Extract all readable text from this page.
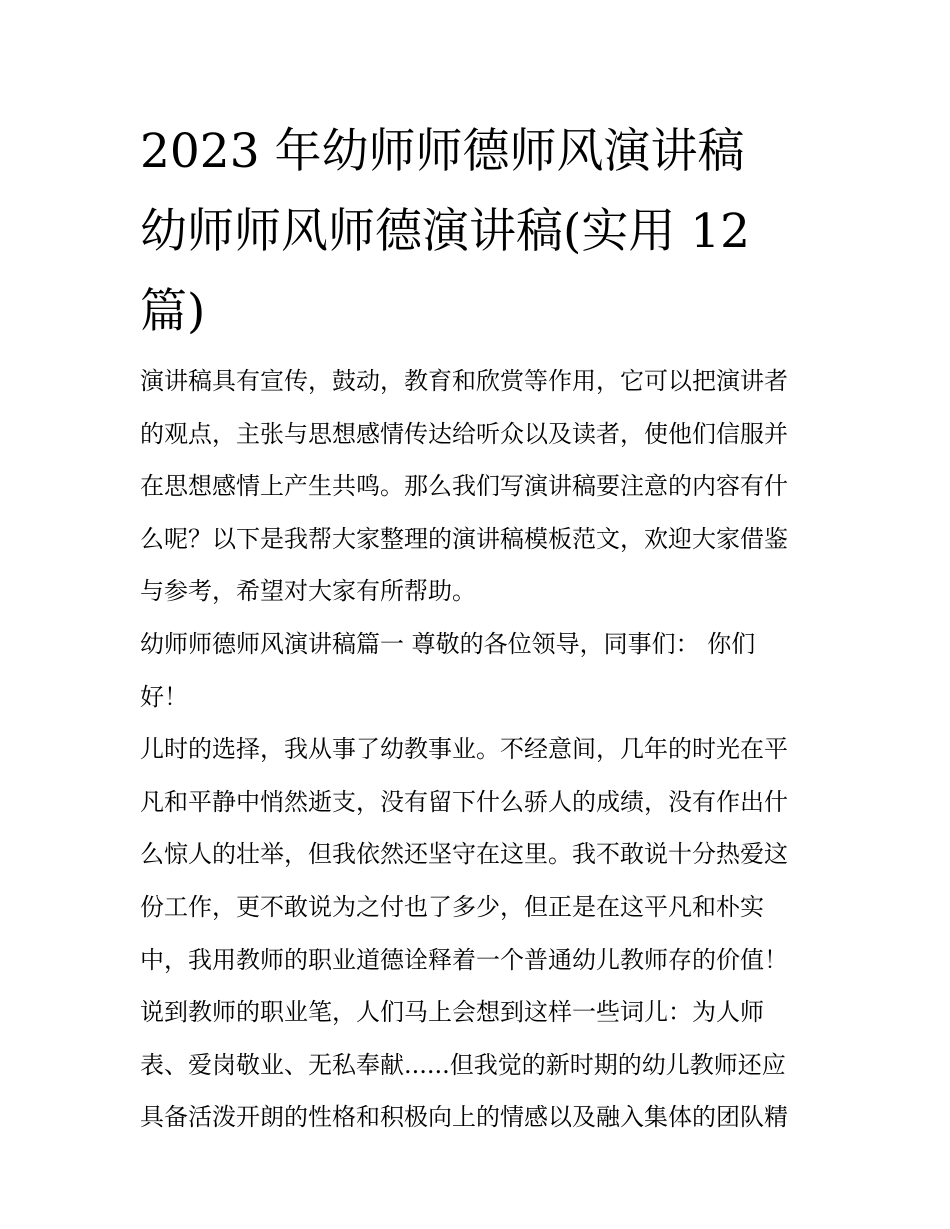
2023 年幼师师德师风演讲稿
幼师师风师德演讲稿(实用 12
篇)
演讲稿具有宣传，鼓动，教育和欣赏等作用，它可以把演讲者
的观点，主张与思想感情传达给听众以及读者，使他们信服并
在思想感情上产生共鸣。那么我们写演讲稿要注意的内容有什
么呢？以下是我帮大家整理的演讲稿模板范文，欢迎大家借鉴
与参考，希望对大家有所帮助。
幼师师德师风演讲稿篇一 尊敬的各位领导，同事们： 你们
好！
儿时的选择，我从事了幼教事业。不经意间，几年的时光在平
凡和平静中悄然逝支，没有留下什么骄人的成绩，没有作出什
么惊人的壮举，但我依然还坚守在这里。我不敢说十分热爱这
份工作，更不敢说为之付也了多少，但正是在这平凡和朴实
中，我用教师的职业道德诠释着一个普通幼儿教师存的价值！
说到教师的职业笔，人们马上会想到这样一些词儿：为人师
表、爱岗敬业、无私奉献......但我觉的新时期的幼儿教师还应
具备活泼开朗的性格和积极向上的情感以及融入集体的团队精
